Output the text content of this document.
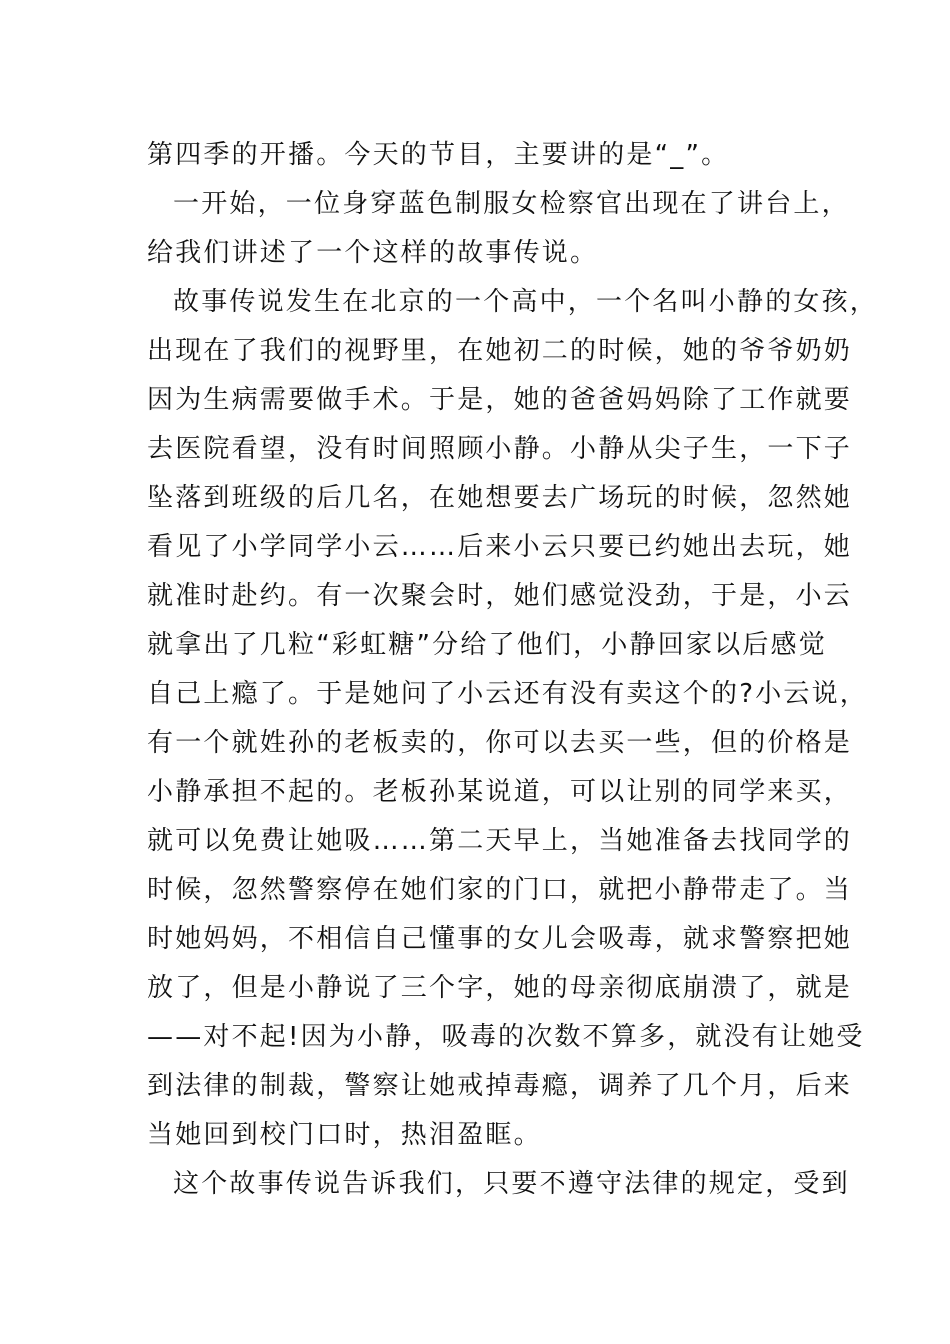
第四季的开播。今天的节目，主要讲的是“_”。
一开始，一位身穿蓝色制服女检察官出现在了讲台上，
给我们讲述了一个这样的故事传说。
故事传说发生在北京的一个高中，一个名叫小静的女孩，
出现在了我们的视野里，在她初二的时候，她的爷爷奶奶
因为生病需要做手术。于是，她的爸爸妈妈除了工作就要
去医院看望，没有时间照顾小静。小静从尖子生，一下子
坠落到班级的后几名，在她想要去广场玩的时候，忽然她
看见了小学同学小云……后来小云只要已约她出去玩，她
就准时赴约。有一次聚会时，她们感觉没劲，于是，小云
就拿出了几粒“彩虹糖”分给了他们，小静回家以后感觉
自己上瘾了。于是她问了小云还有没有卖这个的?小云说，
有一个就姓孙的老板卖的，你可以去买一些，但的价格是
小静承担不起的。老板孙某说道，可以让别的同学来买，
就可以免费让她吸……第二天早上，当她准备去找同学的
时候，忽然警察停在她们家的门口，就把小静带走了。当
时她妈妈，不相信自己懂事的女儿会吸毒，就求警察把她
放了，但是小静说了三个字，她的母亲彻底崩溃了，就是
——对不起!因为小静，吸毒的次数不算多，就没有让她受
到法律的制裁，警察让她戒掉毒瘾，调养了几个月，后来
当她回到校门口时，热泪盈眶。
这个故事传说告诉我们，只要不遵守法律的规定，受到
